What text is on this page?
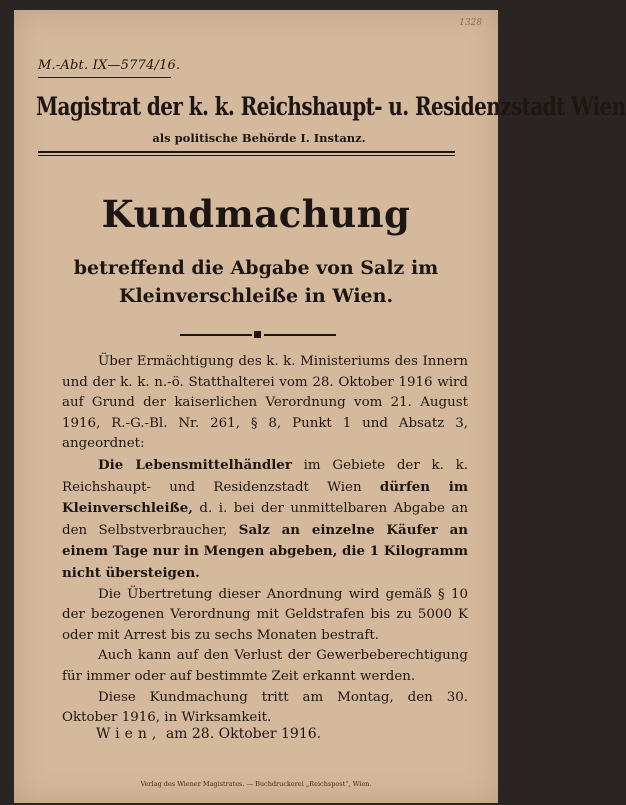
1328
M.-Abt. IX—5774/16.
Magistrat der k. k. Reichshaupt- u. Residenzstadt Wien
als politische Behörde I. Instanz.
Kundmachung
betreffend die Abgabe von Salz im
Kleinverschleiße in Wien.

Über Ermächtigung des k. k. Ministeriums des Innern und der k. k. n.-ö. Statthalterei vom 28. Oktober 1916 wird auf Grund der kaiserlichen Verordnung vom 21. August 1916, R.-G.-Bl. Nr. 261, § 8, Punkt 1 und Absatz 3, angeordnet:

Die Lebensmittelhändler im Gebiete der k. k. Reichshaupt- und Residenzstadt Wien dürfen im Kleinverschleiße, d. i. bei der unmittelbaren Abgabe an den Selbstverbraucher, Salz an einzelne Käufer an einem Tage nur in Mengen abgeben, die 1 Kilogramm nicht übersteigen.

Die Übertretung dieser Anordnung wird gemäß § 10 der bezogenen Verordnung mit Geldstrafen bis zu 5000 K oder mit Arrest bis zu sechs Monaten bestraft.

Auch kann auf den Verlust der Gewerbeberechtigung für immer oder auf bestimmte Zeit erkannt werden.

Diese Kundmachung tritt am Montag, den 30. Oktober 1916, in Wirksamkeit.

Wien, am 28. Oktober 1916.
Verlag des Wiener Magistrates. — Buchdruckerei „Reichspost“, Wien.
